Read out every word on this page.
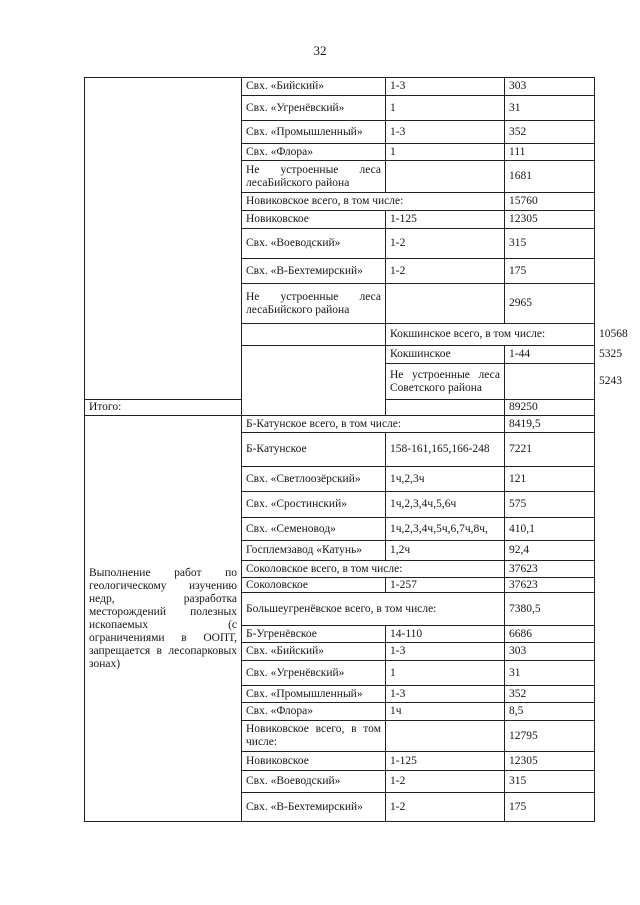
32
	Свх. «Бийский»	1-3	303	
	Свх. «Угренёвский»	1	31	
	Свх. «Промышленный»	1-3	352	
	Свх. «Флора»	1	111	
	Не устроенные леса лесаБийского района		1681	
	Новиковское всего, в том числе:		15760	
	Новиковское	1-125	12305	
	Свх. «Воеводский»	1-2	315	
	Свх. «В-Бехтемирский»	1-2	175	
	Не устроенные леса лесаБийского района		2965	
		Кокшинское всего, в том числе:		10568
		Кокшинское	1-44	5325
		Не устроенные леса Советского района		5243
Итого:			89250	
Выполнение работ по геологическому изучению недр, разработка месторождений полезных ископаемых (с ограничениями в ООПТ, запрещается в лесопарковых зонах)	Б-Катунское всего, в том числе:		8419,5	
	Б-Катунское	158-161,165,166-248	7221	
	Свх. «Светлоозёрский»	1ч,2,3ч	121	
	Свх. «Сростинский»	1ч,2,3,4ч,5,6ч	575	
	Свх. «Семеновод»	1ч,2,3,4ч,5ч,6,7ч,8ч,	410,1	
	Госплемзавод «Катунь»	1,2ч	92,4	
	Соколовское всего, в том числе:		37623	
	Соколовское	1-257	37623	
	Большеугренёвское всего, в том числе:		7380,5	
	Б-Угренёвское	14-110	6686	
	Свх. «Бийский»	1-3	303	
	Свх. «Угренёвский»	1	31	
	Свх. «Промышленный»	1-3	352	
	Свх. «Флора»	1ч	8,5	
	Новиковское всего, в том числе:		12795	
	Новиковское	1-125	12305	
	Свх. «Воеводский»	1-2	315	
	Свх. «В-Бехтемирский»	1-2	175	
